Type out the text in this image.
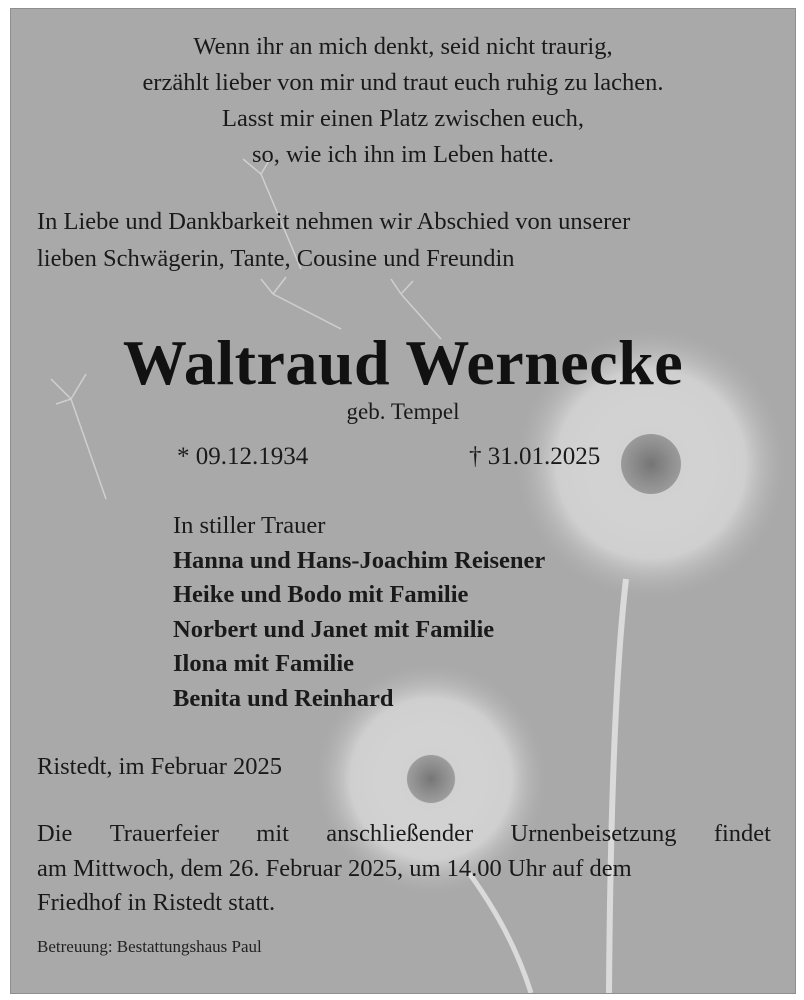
Wenn ihr an mich denkt, seid nicht traurig,
erzählt lieber von mir und traut euch ruhig zu lachen.
Lasst mir einen Platz zwischen euch,
so, wie ich ihn im Leben hatte.
In Liebe und Dankbarkeit nehmen wir Abschied von unserer
lieben Schwägerin, Tante, Cousine und Freundin
Waltraud Wernecke
geb. Tempel
* 09.12.1934	† 31.01.2025
In stiller Trauer
Hanna und Hans-Joachim Reisener
Heike und Bodo mit Familie
Norbert und Janet mit Familie
Ilona mit Familie
Benita und Reinhard
Ristedt, im Februar 2025
Die Trauerfeier mit anschließender Urnenbeisetzung findet
am Mittwoch, dem 26. Februar 2025, um 14.00 Uhr auf dem
Friedhof in Ristedt statt.
Betreuung: Bestattungshaus Paul
